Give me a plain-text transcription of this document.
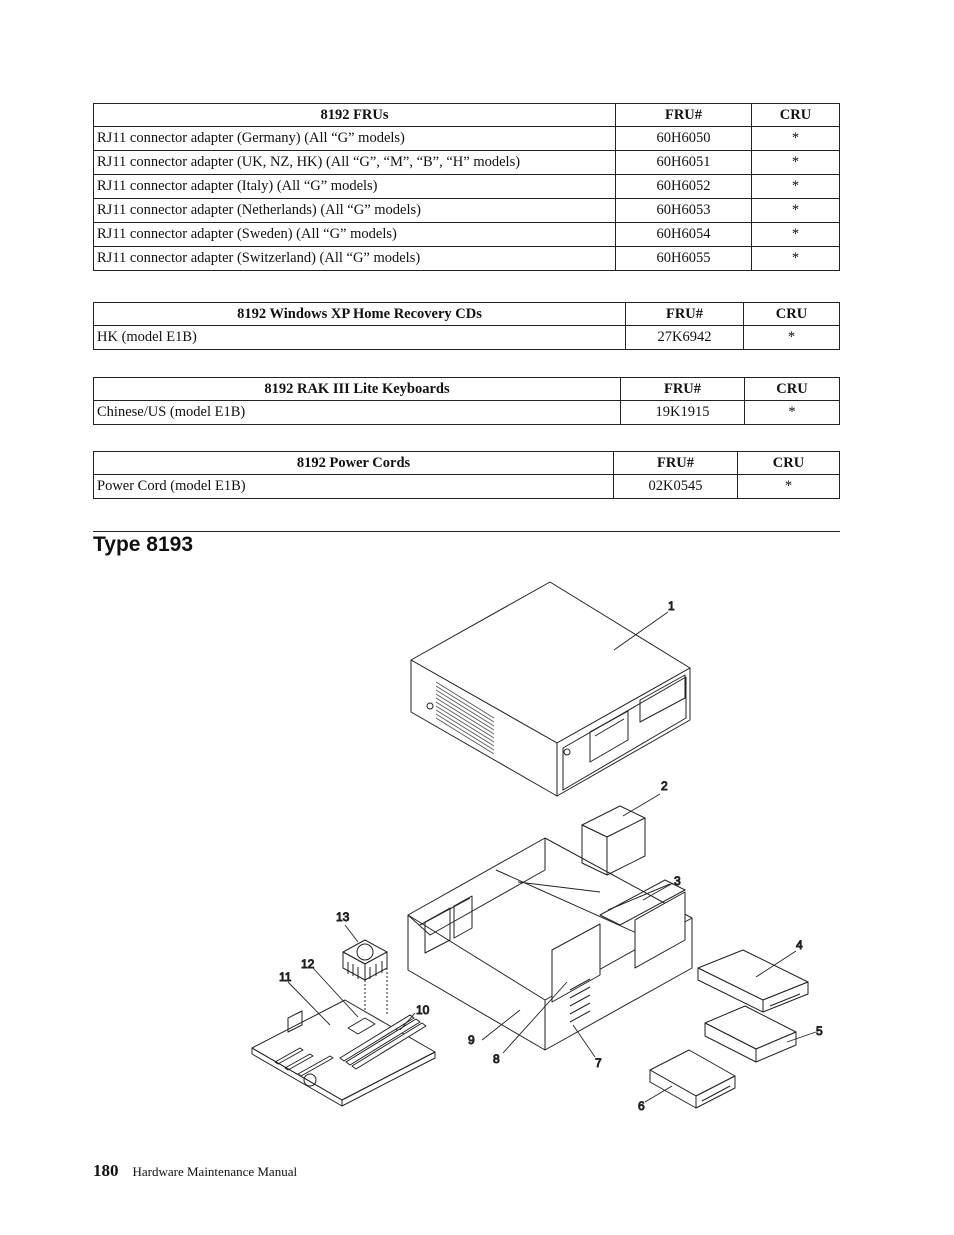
8192 FRUs	FRU#	CRU
RJ11 connector adapter (Germany) (All “G” models)	60H6050	*
RJ11 connector adapter (UK, NZ, HK) (All “G”, “M”, “B”, “H” models)	60H6051	*
RJ11 connector adapter (Italy) (All “G” models)	60H6052	*
RJ11 connector adapter (Netherlands) (All “G” models)	60H6053	*
RJ11 connector adapter (Sweden) (All “G” models)	60H6054	*
RJ11 connector adapter (Switzerland) (All “G” models)	60H6055	*
8192 Windows XP Home Recovery CDs	FRU#	CRU
HK (model E1B)	27K6942	*
8192 RAK III Lite Keyboards	FRU#	CRU
Chinese/US (model E1B)	19K1915	*
8192 Power Cords	FRU#	CRU
Power Cord (model E1B)	02K0545	*
Type 8193
1
2
3
4
5
6
7
8
9
10
11
12
13
180 Hardware Maintenance Manual
